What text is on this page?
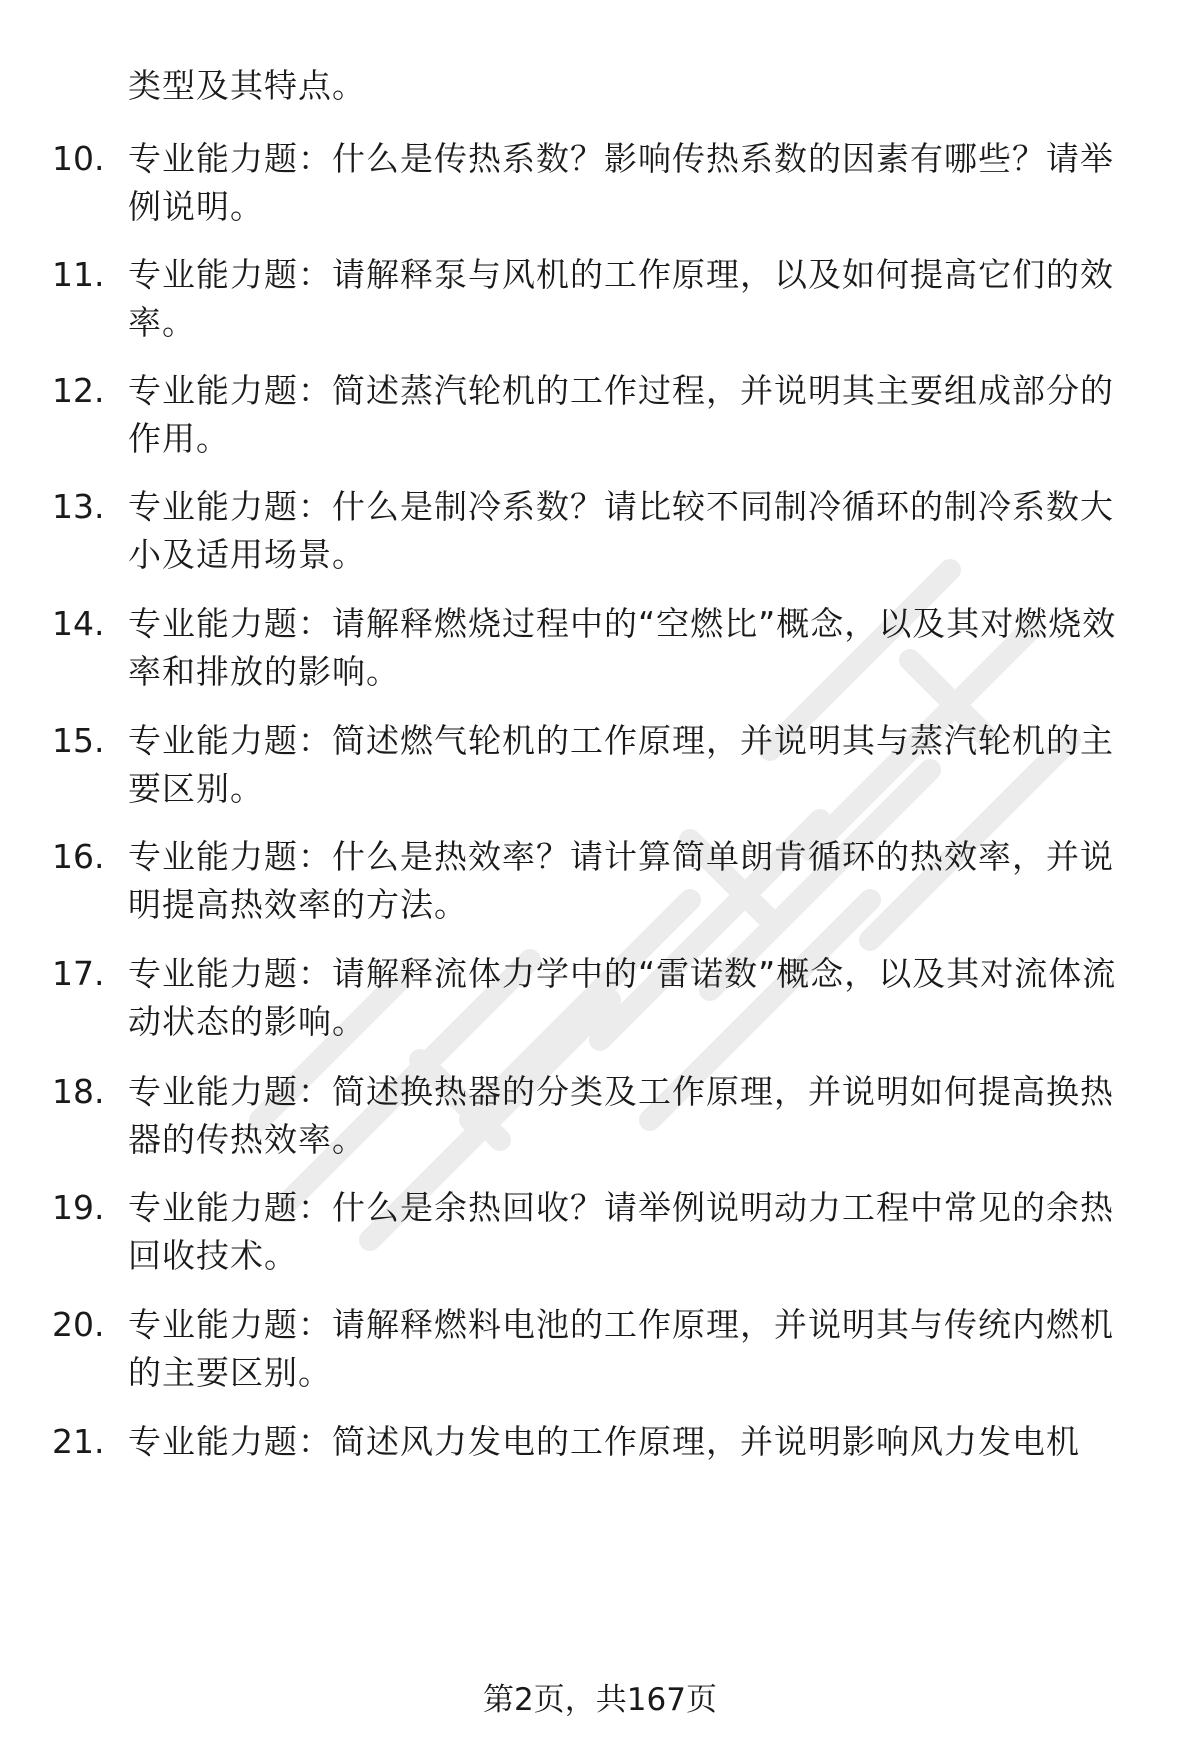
类型及其特点。
10. 专业能力题：什么是传热系数？影响传热系数的因素有哪些？请举例说明。
11. 专业能力题：请解释泵与风机的工作原理，以及如何提高它们的效率。
12. 专业能力题：简述蒸汽轮机的工作过程，并说明其主要组成部分的作用。
13. 专业能力题：什么是制冷系数？请比较不同制冷循环的制冷系数大小及适用场景。
14. 专业能力题：请解释燃烧过程中的“空燃比”概念，以及其对燃烧效率和排放的影响。
15. 专业能力题：简述燃气轮机的工作原理，并说明其与蒸汽轮机的主要区别。
16. 专业能力题：什么是热效率？请计算简单朗肯循环的热效率，并说明提高热效率的方法。
17. 专业能力题：请解释流体力学中的“雷诺数”概念，以及其对流体流动状态的影响。
18. 专业能力题：简述换热器的分类及工作原理，并说明如何提高换热器的传热效率。
19. 专业能力题：什么是余热回收？请举例说明动力工程中常见的余热回收技术。
20. 专业能力题：请解释燃料电池的工作原理，并说明其与传统内燃机的主要区别。
21. 专业能力题：简述风力发电的工作原理，并说明影响风力发电机
第2页，共167页
